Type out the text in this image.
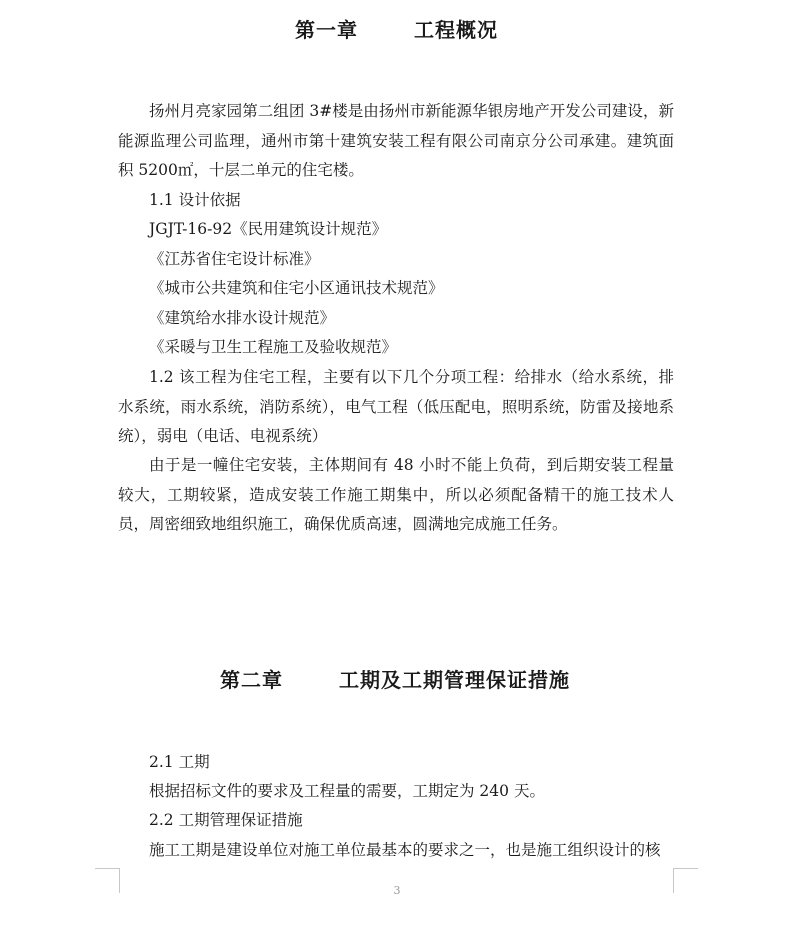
第一章	工程概况

扬州月亮家园第二组团 3#楼是由扬州市新能源华银房地产开发公司建设，新能源监理公司监理，通州市第十建筑安装工程有限公司南京分公司承建。建筑面积 5200㎡，十层二单元的住宅楼。

1.1 设计依据

JGJT-16-92《民用建筑设计规范》

《江苏省住宅设计标准》

《城市公共建筑和住宅小区通讯技术规范》

《建筑给水排水设计规范》

《采暖与卫生工程施工及验收规范》

1.2 该工程为住宅工程，主要有以下几个分项工程：给排水（给水系统，排水系统，雨水系统，消防系统），电气工程（低压配电，照明系统，防雷及接地系统），弱电（电话、电视系统）

由于是一幢住宅安装，主体期间有 48 小时不能上负荷，到后期安装工程量较大，工期较紧，造成安装工作施工期集中，所以必须配备精干的施工技术人员，周密细致地组织施工，确保优质高速，圆满地完成施工任务。

第二章	工期及工期管理保证措施

2.1 工期

根据招标文件的要求及工程量的需要，工期定为 240 天。

2.2 工期管理保证措施

施工工期是建设单位对施工单位最基本的要求之一，也是施工组织设计的核

3
